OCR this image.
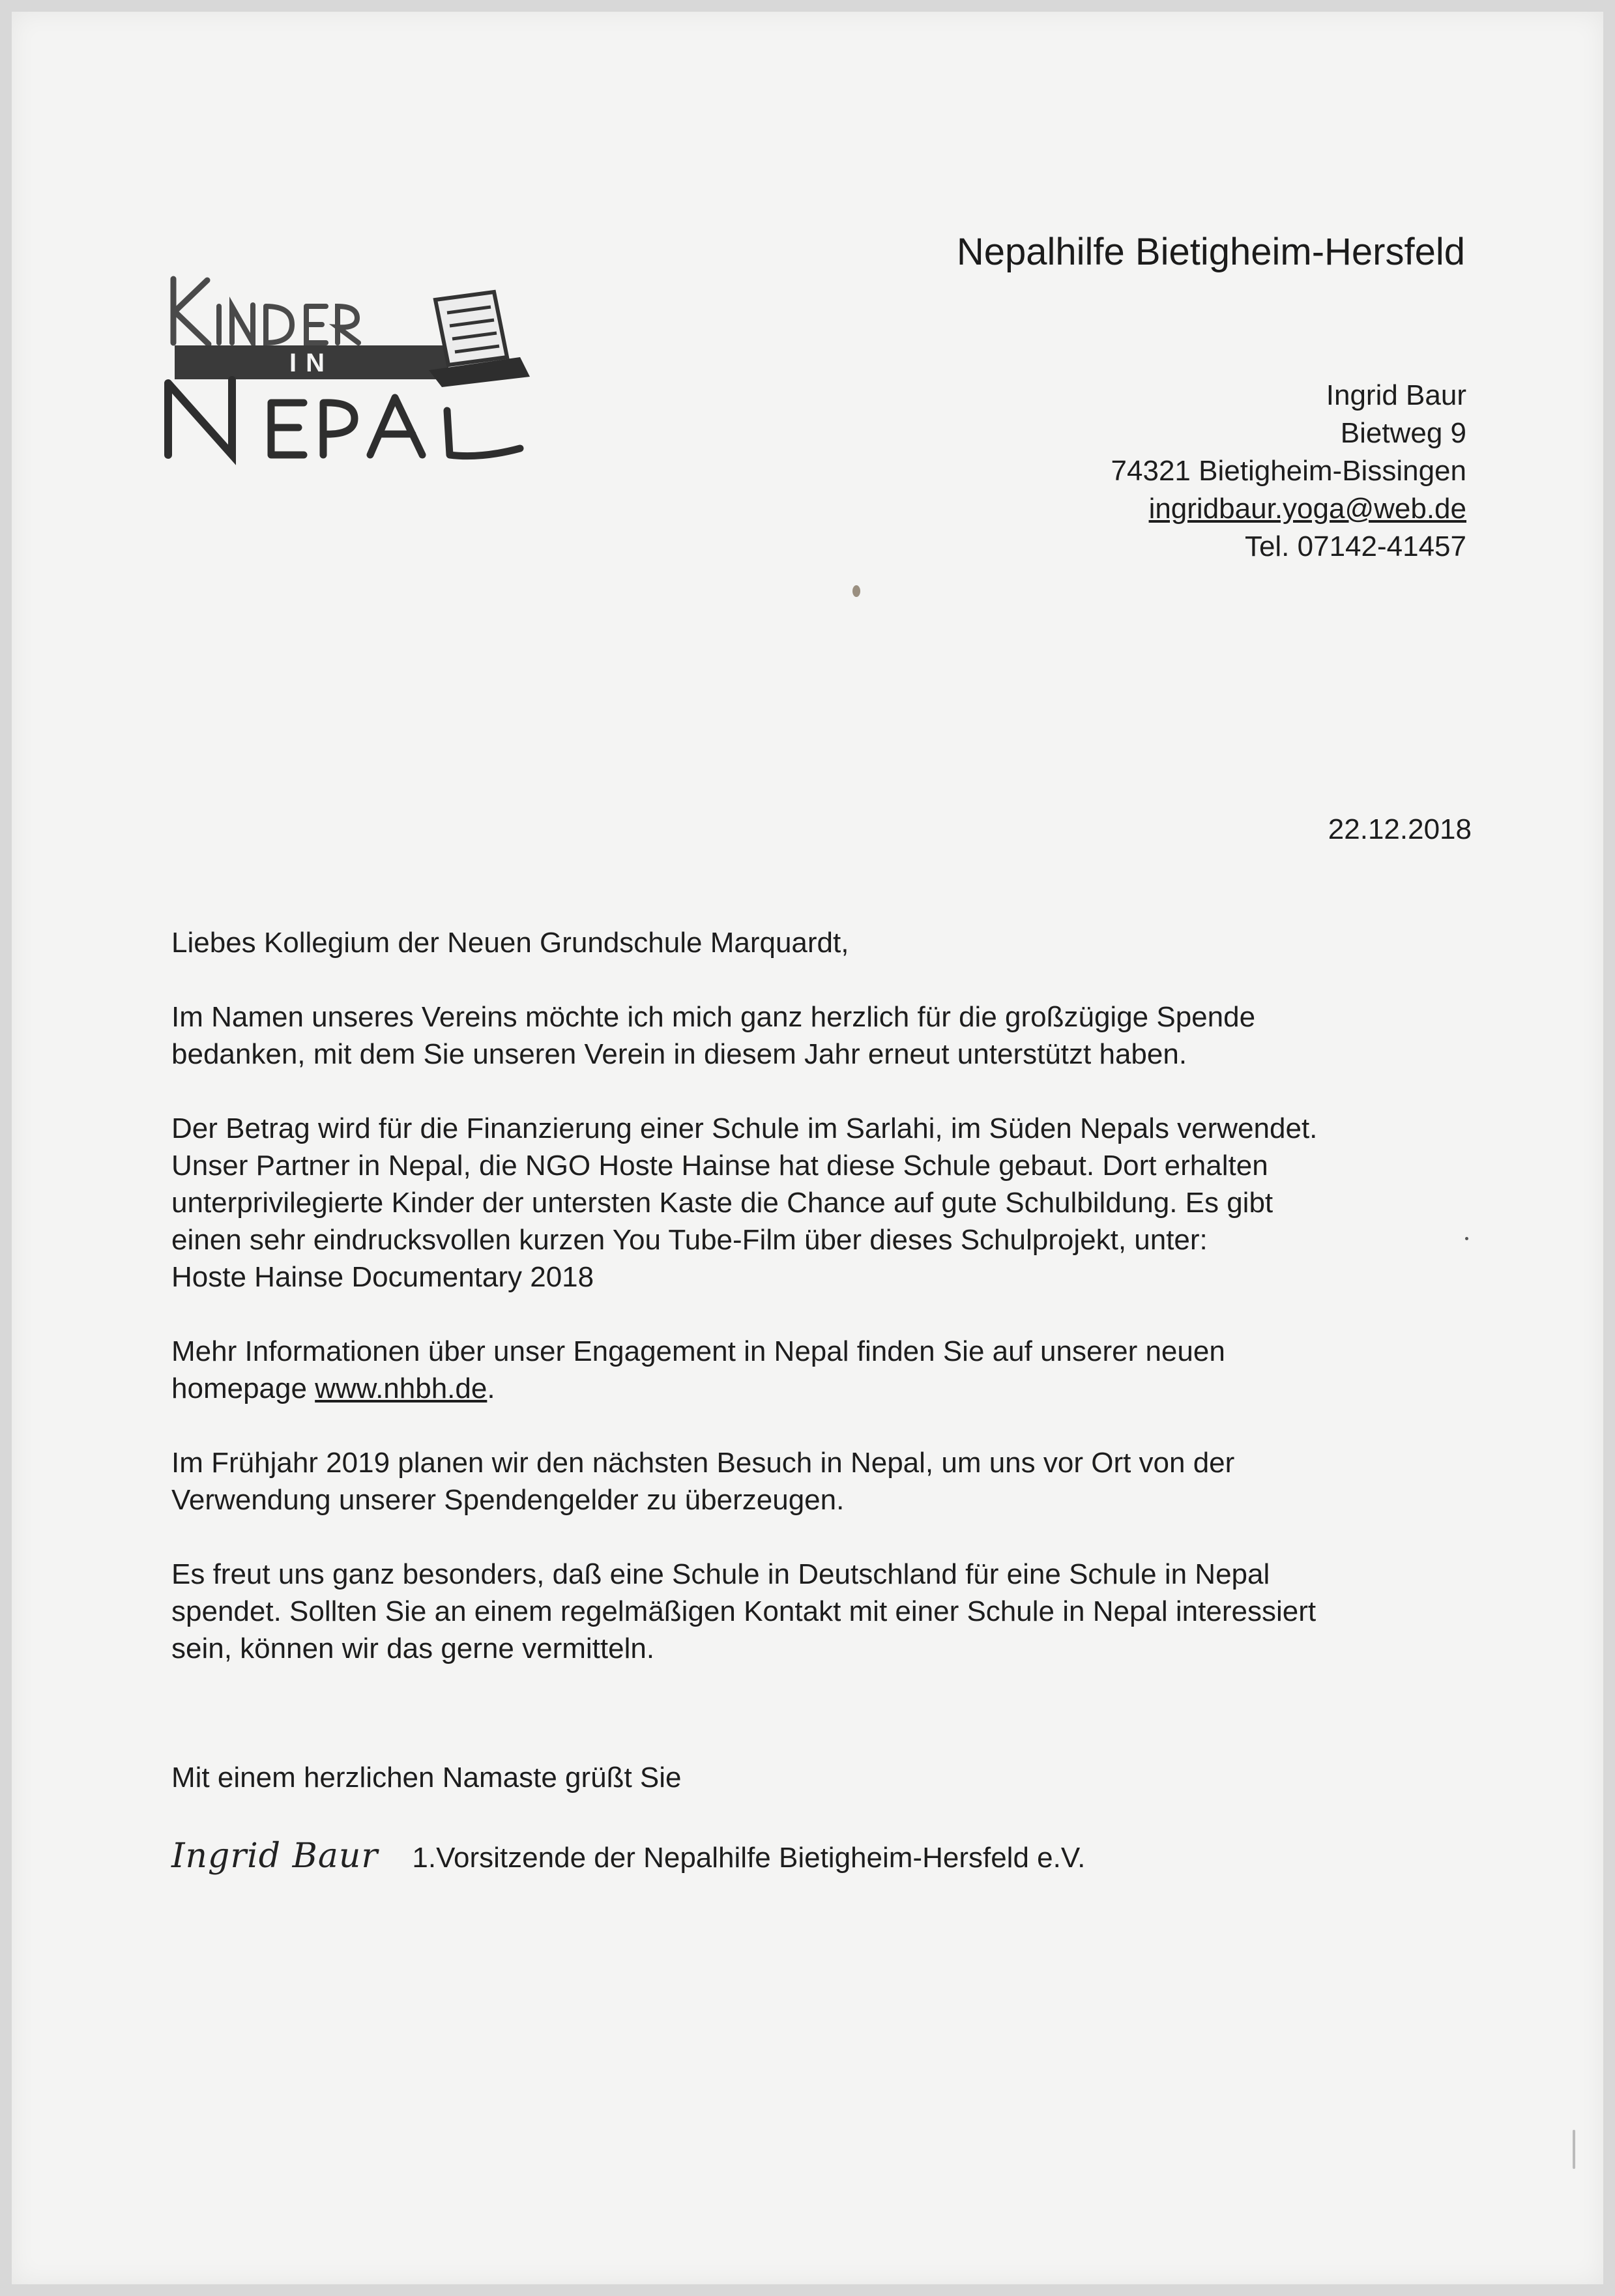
Nepalhilfe Bietigheim-Hersfeld
IN
Ingrid Baur
Bietweg 9
74321 Bietigheim-Bissingen
ingridbaur.yoga@web.de
Tel. 07142-41457
22.12.2018

Liebes Kollegium der Neuen Grundschule Marquardt,

Im Namen unseres Vereins möchte ich mich ganz herzlich für die großzügige Spende
bedanken, mit dem Sie unseren Verein in diesem Jahr erneut unterstützt haben.

Der Betrag wird für die Finanzierung einer Schule im Sarlahi, im Süden Nepals verwendet.
Unser Partner in Nepal, die NGO Hoste Hainse hat diese Schule gebaut. Dort erhalten
unterprivilegierte Kinder der untersten Kaste die Chance auf gute Schulbildung. Es gibt
einen sehr eindrucksvollen kurzen You Tube-Film über dieses Schulprojekt, unter:
Hoste Hainse Documentary 2018

Mehr Informationen über unser Engagement in Nepal finden Sie auf unserer neuen
homepage www.nhbh.de.

Im Frühjahr 2019 planen wir den nächsten Besuch in Nepal, um uns vor Ort von der
Verwendung unserer Spendengelder zu überzeugen.

Es freut uns ganz besonders, daß eine Schule in Deutschland für eine Schule in Nepal
spendet. Sollten Sie an einem regelmäßigen Kontakt mit einer Schule in Nepal interessiert
sein, können wir das gerne vermitteln.

Mit einem herzlichen Namaste grüßt Sie
Ingrid Baur 1.Vorsitzende der Nepalhilfe Bietigheim-Hersfeld e.V.
